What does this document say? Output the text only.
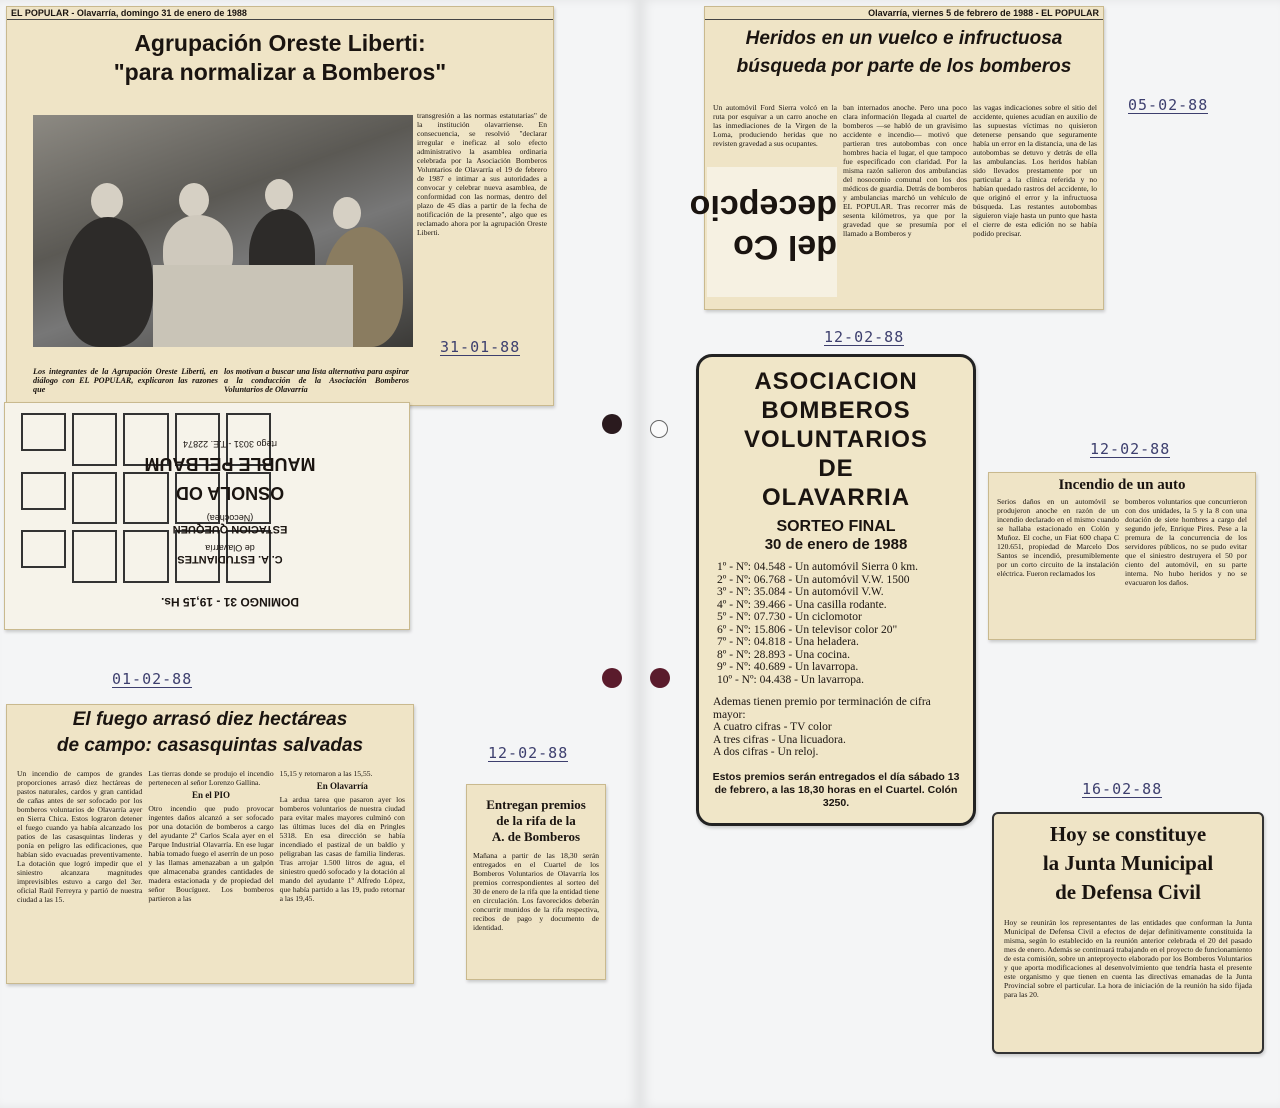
EL POPULAR - Olavarría, domingo 31 de enero de 1988
Agrupación Oreste Liberti:
"para normalizar a Bomberos"
transgresión a las normas estatutarias" de la institución olavarriense. En consecuencia, se resolvió "declarar irregular e ineficaz al solo efecto administrativo la asamblea ordinaria celebrada por la Asociación Bomberos Voluntarios de Olavarría el 19 de febrero de 1987 e intimar a sus autoridades a convocar y celebrar nueva asamblea, de conformidad con las normas, dentro del plazo de 45 días a partir de la fecha de notificación de la presente", algo que es reclamado ahora por la agrupación Oreste Liberti.
Los integrantes de la Agrupación Oreste Liberti, en diálogo con EL POPULAR, explicaron las razones que
los motivan a buscar una lista alternativa para aspirar a la conducción de la Asociación Bomberos Voluntarios de Olavarría
DOMINGO 31 - 19,15 Hs.
C. A. ESTUDIANTES
de Olavarría
ESTACION QUEQUEN
(Necochea)
OSNOLA OD
MAUBLE PELBAUM
rtego 3031 - T.E. 22874
31-01-88
01-02-88
El fuego arrasó diez hectáreas
de campo: casasquintas salvadas
Un incendio de campos de grandes proporciones arrasó diez hectáreas de pastos naturales, cardos y gran cantidad de cañas antes de ser sofocado por los bomberos voluntarios de Olavarría ayer en Sierra Chica. Estos lograron detener el fuego cuando ya había alcanzado los patios de las casasquintas linderas y ponía en peligro las edificaciones, que habían sido evacuadas preventivamente. La dotación que logró impedir que el siniestro alcanzara magnitudes imprevisibles estuvo a cargo del 3er. oficial Raúl Ferreyra y partió de nuestra ciudad a las 15.
Las tierras donde se produjo el incendio pertenecen al señor Lorenzo Gallina.
En el PIO
Otro incendio que pudo provocar ingentes daños alcanzó a ser sofocado por una dotación de bomberos a cargo del ayudante 2º Carlos Scala ayer en el Parque Industrial Olavarría. En ese lugar había tomado fuego el aserrín de un poso y las llamas amenazaban a un galpón que almacenaba grandes cantidades de madera estacionada y de propiedad del señor Boucíguez. Los bomberos partieron a las
15,15 y retornaron a las 15,55.
En Olavarría
La ardua tarea que pasaron ayer los bomberos voluntarios de nuestra ciudad para evitar males mayores culminó con las últimas luces del día en Pringles 5318. En esa dirección se había incendiado el pastizal de un baldío y peligraban las casas de familia linderas. Tras arrojar 1.500 litros de agua, el siniestro quedó sofocado y la dotación al mando del ayudante 1º Alfredo López, que había partido a las 19, pudo retornar a las 19,45.
12-02-88
Entregan premios
de la rifa de la
A. de Bomberos
Mañana a partir de las 18,30 serán entregados en el Cuartel de los Bomberos Voluntarios de Olavarría los premios correspondientes al sorteo del 30 de enero de la rifa que la entidad tiene en circulación. Los favorecidos deberán concurrir munidos de la rifa respectiva, recibos de pago y documento de identidad.
Olavarría, viernes 5 de febrero de 1988 - EL POPULAR
Heridos en un vuelco e infructuosa
búsqueda por parte de los bomberos
del Co
decepcio
Un automóvil Ford Sierra volcó en la ruta por esquivar a un carro anoche en las inmediaciones de la Virgen de la Loma, produciendo heridas que no revisten gravedad a sus ocupantes.
ban internados anoche. Pero una poco clara información llegada al cuartel de bomberos —se habló de un gravísimo accidente e incendio— motivó que partieran tres autobombas con once hombres hacia el lugar, el que tampoco fue especificado con claridad. Por la misma razón salieron dos ambulancias del nosocomio comunal con los dos médicos de guardia. Detrás de bomberos y ambulancias marchó un vehículo de EL POPULAR. Tras recorrer más de sesenta kilómetros, ya que por la gravedad que se presumía por el llamado a Bomberos y
las vagas indicaciones sobre el sitio del accidente, quienes acudían en auxilio de las supuestas víctimas no quisieron detenerse pensando que seguramente había un error en la distancia, una de las autobombas se detuvo y detrás de ella las ambulancias. Los heridos habían sido llevados prestamente por un particular a la clínica referida y no habían quedado rastros del accidente, lo que originó el error y la infructuosa búsqueda. Las restantes autobombas siguieron viaje hasta un punto que hasta el cierre de esta edición no se había podido precisar.
05-02-88
12-02-88
ASOCIACION
BOMBEROS
VOLUNTARIOS
DE
OLAVARRIA
SORTEO FINAL
30 de enero de 1988
1º - Nº: 04.548 - Un automóvil Sierra 0 km.
2º - Nº: 06.768 - Un automóvil V.W. 1500
3º - Nº: 35.084 - Un automóvil V.W.
4º - Nº: 39.466 - Una casilla rodante.
5º - Nº: 07.730 - Un ciclomotor
6º - Nº: 15.806 - Un televisor color 20"
7º - Nº: 04.818 - Una heladera.
8º - Nº: 28.893 - Una cocina.
9º - Nº: 40.689 - Un lavarropa.
10º - Nº: 04.438 - Un lavarropa.
Ademas tienen premio por terminación de cifra mayor:
A cuatro cifras - TV color
A tres cifras - Una licuadora.
A dos cifras - Un reloj.
Estos premios serán entregados el día sábado 13 de febrero, a las 18,30 horas en el Cuartel. Colón 3250.
12-02-88
Incendio de un auto
Serios daños en un automóvil se produjeron anoche en razón de un incendio declarado en el mismo cuando se hallaba estacionado en Colón y Muñoz. El coche, un Fiat 600 chapa C 120.651, propiedad de Marcelo Dos Santos se incendió, presumiblemente por un corto circuito de la instalación eléctrica. Fueron reclamados los
bomberos voluntarios que concurrieron con dos unidades, la 5 y la 8 con una dotación de siete hombres a cargo del segundo jefe, Enrique Pires. Pese a la premura de la concurrencia de los servidores públicos, no se pudo evitar que el siniestro destruyera el 50 por ciento del automóvil, en su parte interna. No hubo heridos y no se evacuaron los daños.
16-02-88
Hoy se constituye
la Junta Municipal
de Defensa Civil
Hoy se reunirán los representantes de las entidades que conforman la Junta Municipal de Defensa Civil a efectos de dejar definitivamente constituida la misma, según lo establecido en la reunión anterior celebrada el 20 del pasado mes de enero. Además se continuará trabajando en el proyecto de funcionamiento de esta comisión, sobre un anteproyecto elaborado por los Bomberos Voluntarios y que aporta modificaciones al desenvolvimiento que tendría hasta el presente este organismo y que tienen en cuenta las directivas emanadas de la Junta Provincial sobre el particular. La hora de iniciación de la reunión ha sido fijada para las 20.
